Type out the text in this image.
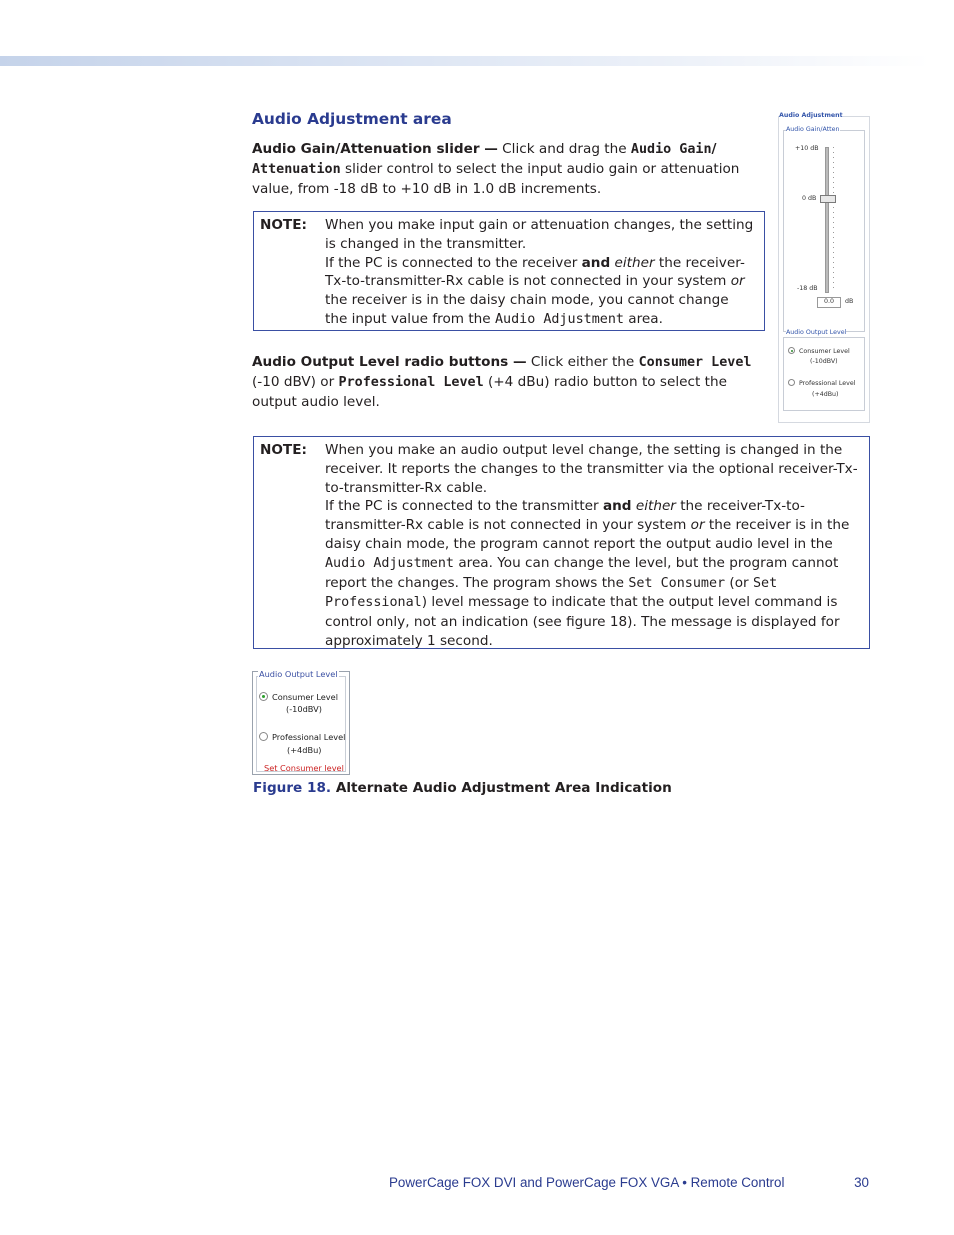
Audio Adjustment area

Audio Gain/Attenuation slider — Click and drag the Audio Gain/
Attenuation slider control to select the input audio gain or attenuation value, from -18 dB to +10 dB in 1.0 dB increments.

NOTE: When you make input gain or attenuation changes, the setting is changed in the transmitter.

If the PC is connected to the receiver and either the receiver-Tx-to-transmitter-Rx cable is not connected in your system or the receiver is in the daisy chain mode, you cannot change the input value from the Audio Adjustment area.

Audio Output Level radio buttons — Click either the Consumer Level
(-10 dBV) or Professional Level (+4 dBu) radio button to select the output audio level.

NOTE: When you make an audio output level change, the setting is changed in the receiver. It reports the changes to the transmitter via the optional receiver-Tx-to-transmitter-Rx cable.

If the PC is connected to the transmitter and either the receiver-Tx-to-transmitter-Rx cable is not connected in your system or the receiver is in the daisy chain mode, the program cannot report the output audio level in the Audio Adjustment area. You can change the level, but the program cannot report the changes. The program shows the Set Consumer (or Set Professional) level message to indicate that the output level command is control only, not an indication (see figure 18). The message is displayed for approximately 1 second.

Audio Adjustment
Audio Gain/Atten
+10 dB
0 dB
-18 dB
0.0 dB
Audio Output Level
Consumer Level
(-10dBV)
Professional Level
(+4dBu)
Audio Output Level
Consumer Level
(-10dBV)
Professional Level
(+4dBu)
Set Consumer level

Figure 18. Alternate Audio Adjustment Area Indication

PowerCage FOX DVI and PowerCage FOX VGA • Remote Control	30
